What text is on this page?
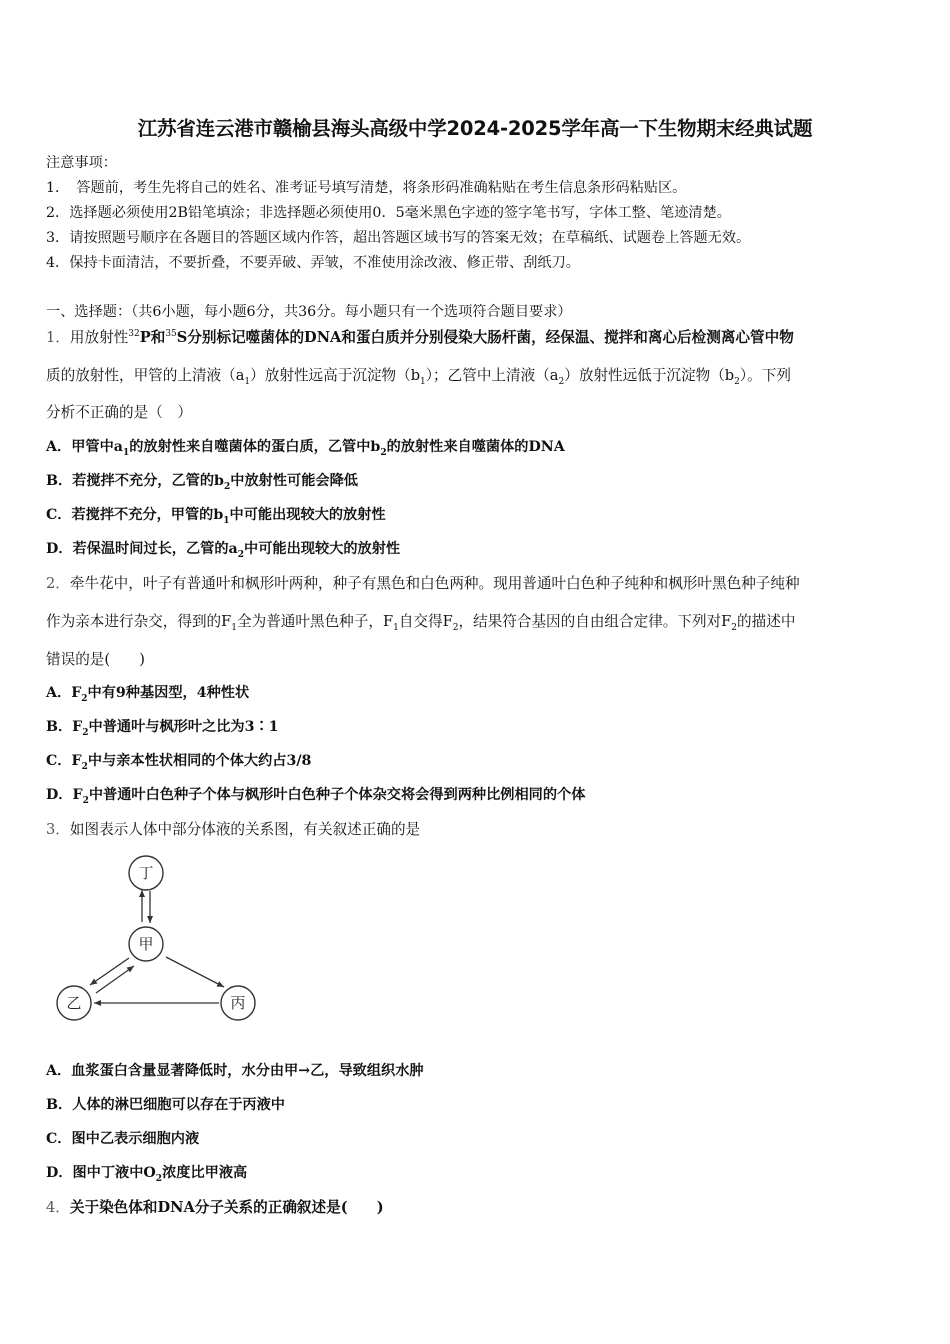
江苏省连云港市赣榆县海头高级中学2024-2025学年高一下生物期末经典试题
注意事项：
1．　答题前，考生先将自己的姓名、准考证号填写清楚，将条形码准确粘贴在考生信息条形码粘贴区。
2．选择题必须使用2B铅笔填涂；非选择题必须使用0．5毫米黑色字迹的签字笔书写，字体工整、笔迹清楚。
3．请按照题号顺序在各题目的答题区域内作答，超出答题区域书写的答案无效；在草稿纸、试题卷上答题无效。
4．保持卡面清洁，不要折叠，不要弄破、弄皱，不准使用涂改液、修正带、刮纸刀。
一、选择题：（共6小题，每小题6分，共36分。每小题只有一个选项符合题目要求）
1．用放射性$^{32}$P和$^{35}$S分别标记噬菌体的DNA和蛋白质并分别侵染大肠杆菌，经保温、搅拌和离心后检测离心管中物
质的放射性，甲管的上清液$(a_1)$放射性远高于沉淀物$(b_1)$；乙管中上清液$(a_2)$放射性远低于沉淀物$(b_2)$。下列
分析不正确的是（　）
A．甲管中$a_1$的放射性来自噬菌体的蛋白质，乙管中$b_2$的放射性来自噬菌体的DNA
B．若搅拌不充分，乙管的$b_2$中放射性可能会降低
C．若搅拌不充分，甲管的$b_1$中可能出现较大的放射性
D．若保温时间过长，乙管的$a_2$中可能出现较大的放射性
2．牵牛花中，叶子有普通叶和枫形叶两种，种子有黑色和白色两种。现用普通叶白色种子纯种和枫形叶黑色种子纯种
作为亲本进行杂交，得到的$F_1$全为普通叶黑色种子，$F_1$自交得$F_2$，结果符合基因的自由组合定律。下列对$F_2$的描述中
错误的是(　　)
A．$F_2$中有9种基因型，4种性状
B．$F_2$中普通叶与枫形叶之比为3∶1
C．$F_2$中与亲本性状相同的个体大约占3/8
D．$F_2$中普通叶白色种子个体与枫形叶白色种子个体杂交将会得到两种比例相同的个体
3．如图表示人体中部分体液的关系图，有关叙述正确的是
丁
甲
乙	丙
A．血浆蛋白含量显著降低时，水分由甲→乙，导致组织水肿
B．人体的淋巴细胞可以存在于丙液中
C．图中乙表示细胞内液
D．图中丁液中$O_2$浓度比甲液高
4．关于染色体和DNA分子关系的正确叙述是(　　)
